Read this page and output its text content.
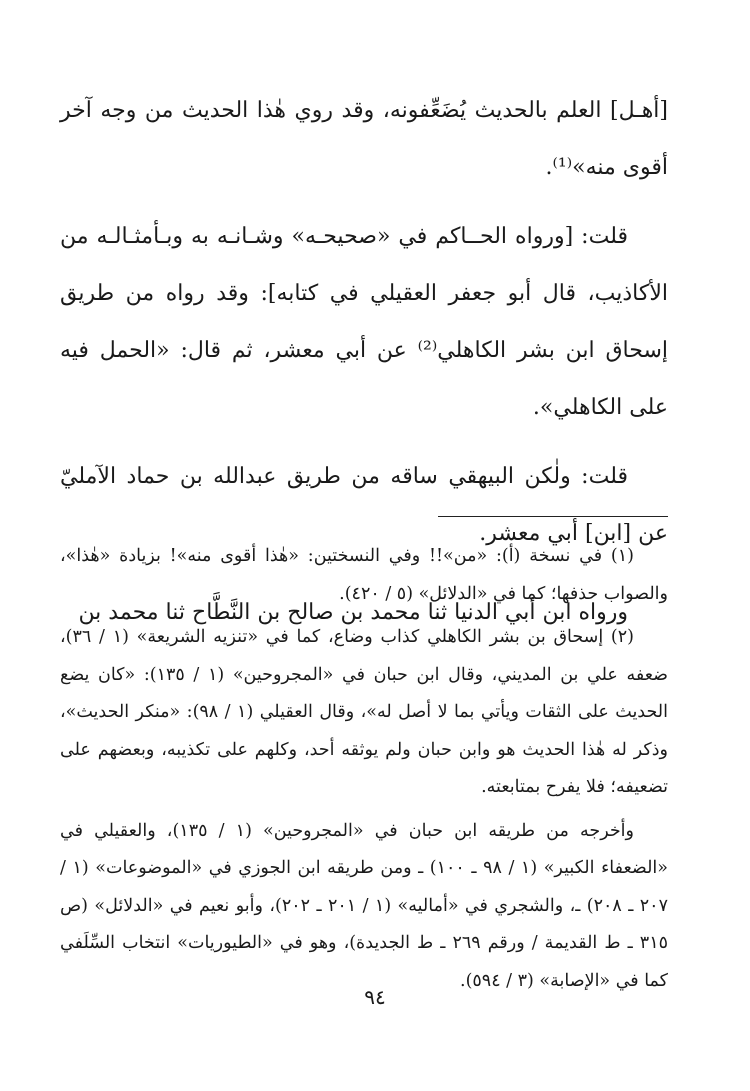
[أهـل] العلم بالحديث يُضَعِّفونه، وقد روي هٰذا الحديث من وجه آخر أقوى منه»⁽¹⁾.

قلت: [ورواه الحــاكم في «صحيحـه» وشـانـه به وبـأمثـالـه من الأكاذيب، قال أبو جعفر العقيلي في كتابه]: وقد رواه من طريق إسحاق ابن بشر الكاهلي⁽²⁾ عن أبي معشر، ثم قال: «الحمل فيه على الكاهلي».

قلت: ولٰكن البيهقي ساقه من طريق عبدالله بن حماد الآمليّ عن [ابن] أبي معشر.

ورواه ابن أبي الدنيا ثنا محمد بن صالح بن النَّطَّاح ثنا محمد بن

(١) في نسخة (أ): «من»!! وفي النسختين: «هٰذا أقوى منه»! بزيادة «هٰذا»، والصواب حذفها؛ كما في «الدلائل» (٥ / ٤٢٠).

(٢) إسحاق بن بشر الكاهلي كذاب وضاع، كما في «تنزيه الشريعة» (١ / ٣٦)، ضعفه علي بن المديني، وقال ابن حبان في «المجروحين» (١ / ١٣٥): «كان يضع الحديث على الثقات ويأتي بما لا أصل له»، وقال العقيلي (١ / ٩٨): «منكر الحديث»، وذكر له هٰذا الحديث هو وابن حبان ولم يوثقه أحد، وكلهم على تكذيبه، وبعضهم على تضعيفه؛ فلا يفرح بمتابعته.

وأخرجه من طريقه ابن حبان في «المجروحين» (١ / ١٣٥)، والعقيلي في «الضعفاء الكبير» (١ / ٩٨ ـ ١٠٠) ـ ومن طريقه ابن الجوزي في «الموضوعات» (١ / ٢٠٧ ـ ٢٠٨) ـ، والشجري في «أماليه» (١ / ٢٠١ ـ ٢٠٢)، وأبو نعيم في «الدلائل» (ص ٣١٥ ـ ط القديمة / ورقم ٢٦٩ ـ ط الجديدة)، وهو في «الطيوريات» انتخاب السِّلَفي كما في «الإصابة» (٣ / ٥٩٤).

٩٤
